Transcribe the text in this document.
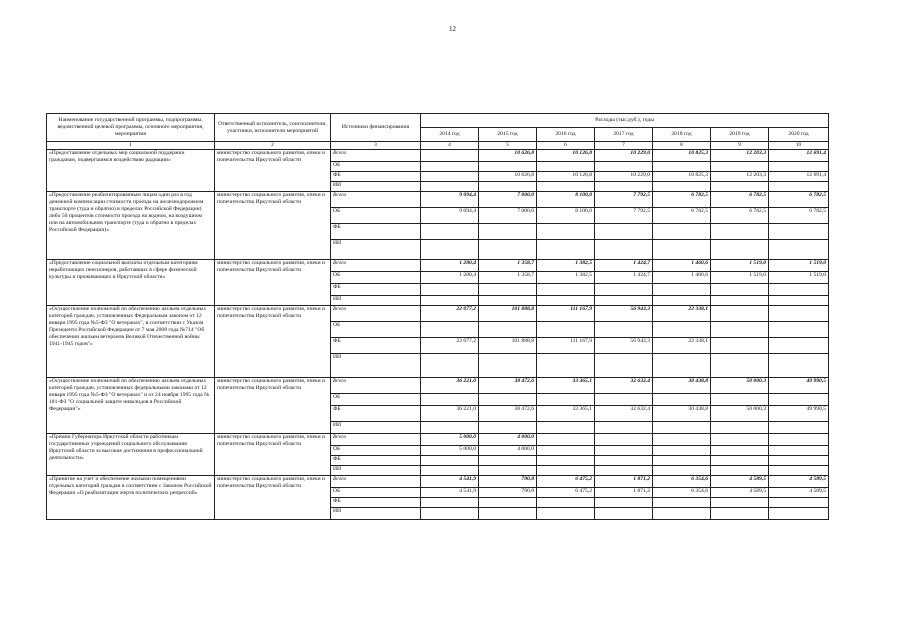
12
Наименование государственной программы, подпрограммы, ведомственной целевой программы, основного мероприятия, мероприятия	Ответственный исполнитель, соисполнители, участники, исполнители мероприятий	Источники финансирования	Расходы (тыс.руб.), годы						
			2014 год	2015 год	2016 год	2017 год	2018 год	2019 год	2020 год
1	2	3	4	5	6	7	8	9	10
«Предоставление отдельных мер социальной поддержки гражданам, подвергшимся воздействию радиации»	министерство социального развития, опеки и попечительства Иркутской области	Всего		10 626,8	10 126,8	10 229,0	10 825,3	12 203,3	12 691,4
		ОБ							
		ФБ		10 626,8	10 126,8	10 229,0	10 825,3	12 203,3	12 691,4
		ИИ							
«Предоставление реабилитированным лицам один раз в год денежной компенсации стоимости проезда на железнодорожном транспорте (туда и обратно) в пределах Российской Федерации) либо 50 процентов стоимости проезда на водном, на воздушном или на автомобильном транспорте (туда и обратно в пределах Российской Федерации)»	министерство социального развития, опеки и попечительства Иркутской области	Всего	9 094,4	7 000,0	8 100,0	7 792,5	6 782,5	6 782,5	6 782,5
		ОБ	9 094,4	7 000,0	8 100,0	7 792,5	6 782,5	6 782,5	6 782,5
		ФБ							
		ИИ							
«Предоставление социальной выплаты отдельным категориям неработающих пенсионеров, работавших в сфере физической культуры и проживающих в Иркутской области»	министерство социального развития, опеки и попечительства Иркутской области	Всего	1 280,4	1 358,7	1 382,5	1 424,7	1 460,6	1 519,0	1 519,0
		ОБ	1 280,4	1 358,7	1 382,5	1 424,7	1 460,6	1 519,0	1 519,0
		ФБ							
		ИИ							
«Осуществление полномочий по обеспечению жильем отдельных категорий граждан, установленных Федеральным законом от 12 января 1995 года №5-ФЗ "О ветеранах", в соответствии с Указом Президента Российской Федерации от 7 мая 2008 года №714 "Об обеспечении жильем ветеранов Великой Отечественной войны 1941-1945 годов"»	министерство социального развития, опеки и попечительства Иркутской области	Всего	22 077,2	101 888,8	111 167,9	56 943,3	22 338,1		
		ОБ							
		ФБ	22 077,2	101 888,8	111 167,9	56 943,3	22 338,1		
		ИИ							
«Осуществление полномочий по обеспечению жильем отдельных категорий граждан, установленных федеральными законами от 12 января 1995 года №5-ФЗ "О ветеранах" и от 24 ноября 1995 года № 181-ФЗ "О социальной защите инвалидов в Российской Федерации"»	министерство социального развития, опеки и попечительства Иркутской области	Всего	36 221,0	38 472,6	33 365,1	32 632,4	30 438,8	50 000,3	49 990,5
		ОБ							
		ФБ	36 221,0	38 472,6	33 365,1	32 632,4	30 438,8	50 000,3	49 990,5
		ИИ							
«Премии Губернатора Иркутской области работникам государственных учреждений социального обслуживания Иркутской области за высокие достижения в профессиональной деятельности»	министерство социального развития, опеки и попечительства Иркутской области	Всего	5 000,0	4 000,0					
		ОБ	5 000,0	4 000,0					
		ФБ							
		ИИ							
«Принятие на учет и обеспечение жилыми помещениями отдельных категорий граждан в соответствии с Законом Российской Федерации «О реабилитации жертв политических репрессий»	министерство социального развития, опеки и попечительства Иркутской области	Всего	4 541,9	790,8	6 475,2	1 871,2	6 354,6	4 589,5	4 589,5
		ОБ	4 541,9	790,8	6 475,2	1 871,2	6 354,6	4 589,5	4 589,5
		ФБ							
		ИИ							
